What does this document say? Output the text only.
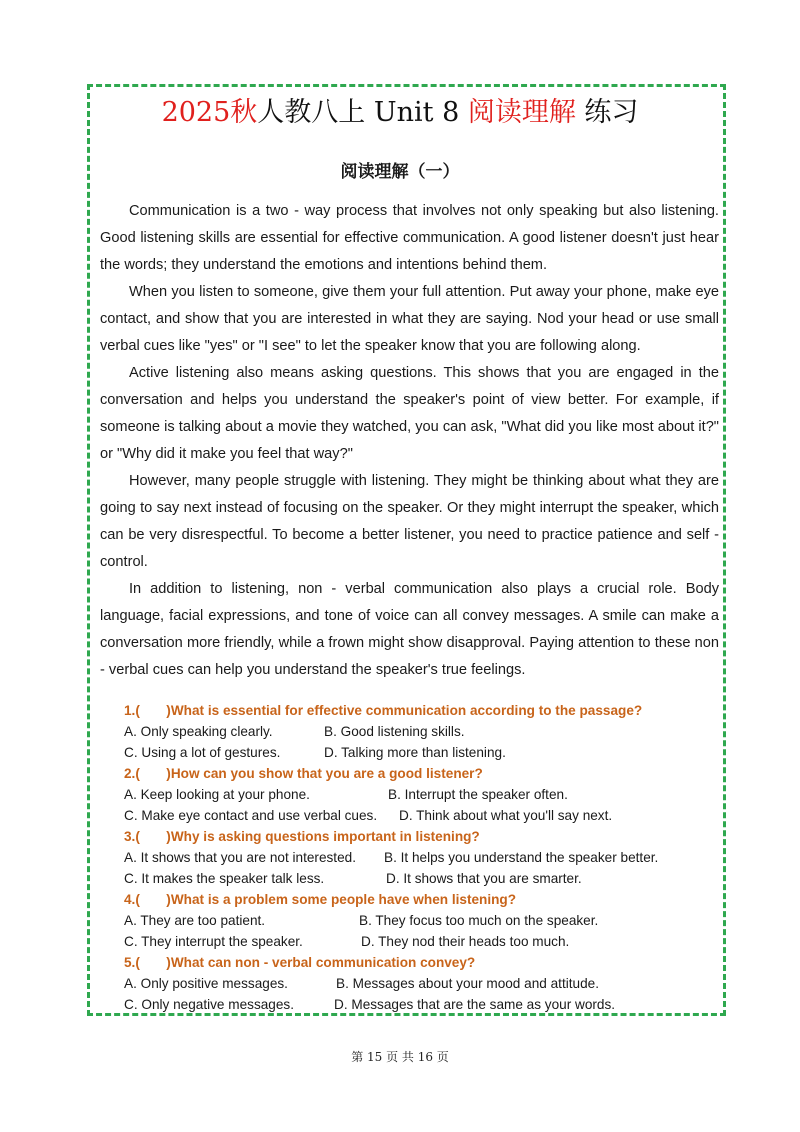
2025秋人教八上 Unit 8 阅读理解 练习
阅读理解（一）

Communication is a two - way process that involves not only speaking but also listening. Good listening skills are essential for effective communication. A good listener doesn't just hear the words; they understand the emotions and intentions behind them.

When you listen to someone, give them your full attention. Put away your phone, make eye contact, and show that you are interested in what they are saying. Nod your head or use small verbal cues like "yes" or "I see" to let the speaker know that you are following along.

Active listening also means asking questions. This shows that you are engaged in the conversation and helps you understand the speaker's point of view better. For example, if someone is talking about a movie they watched, you can ask, "What did you like most about it?" or "Why did it make you feel that way?"

However, many people struggle with listening. They might be thinking about what they are going to say next instead of focusing on the speaker. Or they might interrupt the speaker, which can be very disrespectful. To become a better listener, you need to practice patience and self - control.

In addition to listening, non - verbal communication also plays a crucial role. Body language, facial expressions, and tone of voice can all convey messages. A smile can make a conversation more friendly, while a frown might show disapproval. Paying attention to these non - verbal cues can help you understand the speaker's true feelings.

1.(       )What is essential for effective communication according to the passage?
A. Only speaking clearly.	B. Good listening skills.
C. Using a lot of gestures.	D. Talking more than listening.
2.(       )How can you show that you are a good listener?
A. Keep looking at your phone.	B. Interrupt the speaker often.
C. Make eye contact and use verbal cues. D. Think about what you'll say next.
3.(       )Why is asking questions important in listening?
A. It shows that you are not interested. B. It helps you understand the speaker better.
C. It makes the speaker talk less.	D. It shows that you are smarter.
4.(       )What is a problem some people have when listening?
A. They are too patient.	B. They focus too much on the speaker.
C. They interrupt the speaker.	D. They nod their heads too much.
5.(       )What can non - verbal communication convey?
A. Only positive messages.	B. Messages about your mood and attitude.
C. Only negative messages.	D. Messages that are the same as your words.
第 15 页 共 16 页
